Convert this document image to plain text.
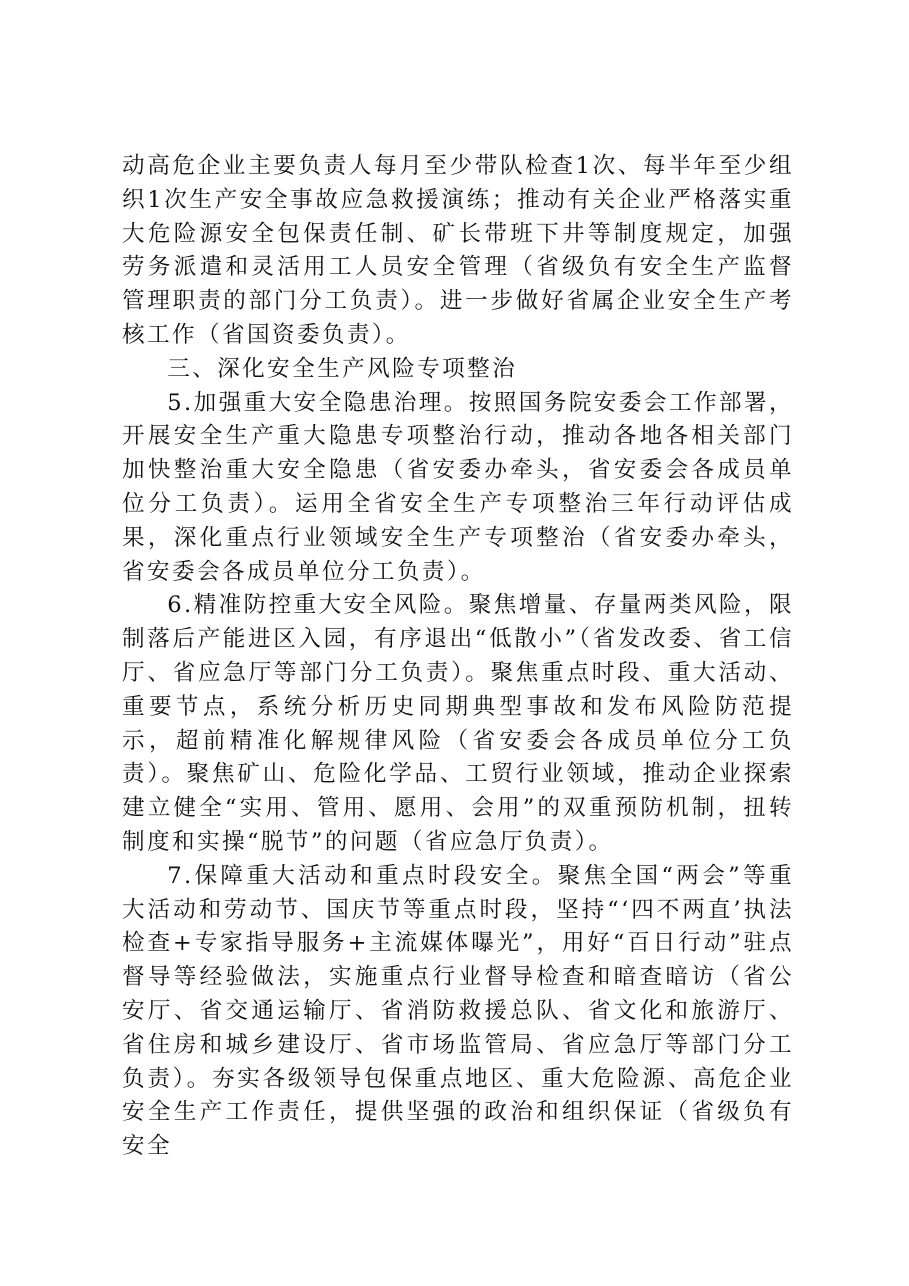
动高危企业主要负责人每月至少带队检查1次、每半年至少组织1次生产安全事故应急救援演练；推动有关企业严格落实重大危险源安全包保责任制、矿长带班下井等制度规定，加强劳务派遣和灵活用工人员安全管理（省级负有安全生产监督管理职责的部门分工负责）。进一步做好省属企业安全生产考核工作（省国资委负责）。

三、深化安全生产风险专项整治

5.加强重大安全隐患治理。按照国务院安委会工作部署，开展安全生产重大隐患专项整治行动，推动各地各相关部门加快整治重大安全隐患（省安委办牵头，省安委会各成员单位分工负责）。运用全省安全生产专项整治三年行动评估成果，深化重点行业领域安全生产专项整治（省安委办牵头，省安委会各成员单位分工负责）。

6.精准防控重大安全风险。聚焦增量、存量两类风险，限制落后产能进区入园，有序退出“低散小”（省发改委、省工信厅、省应急厅等部门分工负责）。聚焦重点时段、重大活动、重要节点，系统分析历史同期典型事故和发布风险防范提示，超前精准化解规律风险（省安委会各成员单位分工负责）。聚焦矿山、危险化学品、工贸行业领域，推动企业探索建立健全“实用、管用、愿用、会用”的双重预防机制，扭转制度和实操“脱节”的问题（省应急厅负责）。

7.保障重大活动和重点时段安全。聚焦全国“两会”等重大活动和劳动节、国庆节等重点时段，坚持“‘四不两直’执法检查+专家指导服务+主流媒体曝光”，用好“百日行动”驻点督导等经验做法，实施重点行业督导检查和暗查暗访（省公安厅、省交通运输厅、省消防救援总队、省文化和旅游厅、省住房和城乡建设厅、省市场监管局、省应急厅等部门分工负责）。夯实各级领导包保重点地区、重大危险源、高危企业安全生产工作责任，提供坚强的政治和组织保证（省级负有安全
